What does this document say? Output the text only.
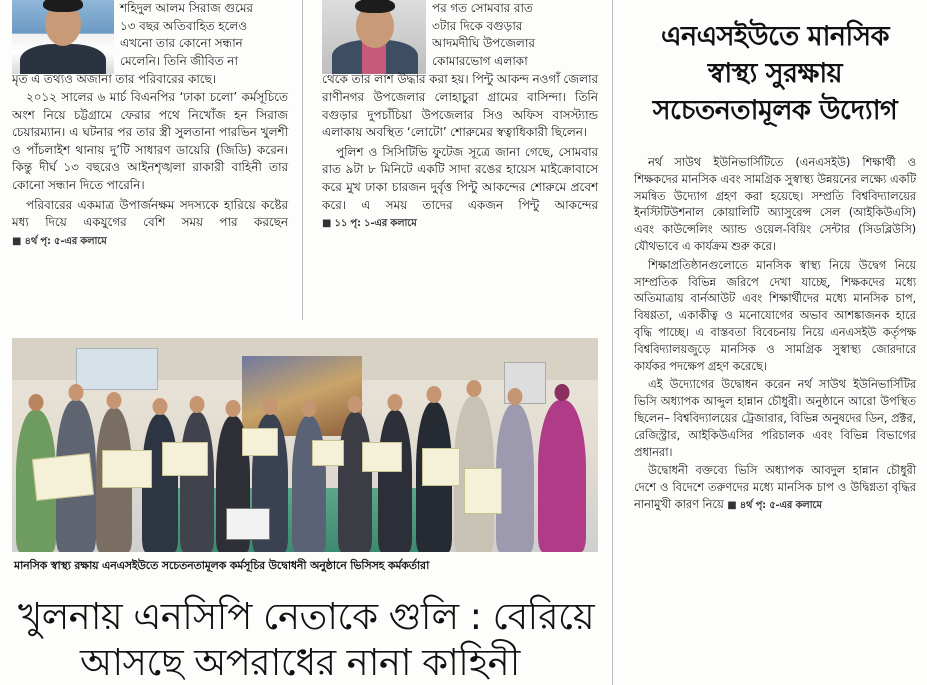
শহিদুল আলম সিরাজ গুমের
১৩ বছর অতিবাহিত হলেও
এখনো তার কোনো সন্ধান
মেলেনি। তিনি জীবিত না

মৃত এ তথ্যও অজানা তার পরিবারের কাছে।

২০১২ সালের ৬ মার্চ বিএনপির ‘ঢাকা চলো’ কর্মসূচিতে অংশ নিয়ে চট্টগ্রামে ফেরার পথে নিখোঁজ হন সিরাজ চেয়ারম্যান। এ ঘটনার পর তার স্ত্রী সুলতানা পারভিন খুলশী ও পাঁচলাইশ থানায় দু’টি সাধারণ ডায়েরি (জিডি) করেন। কিন্তু দীর্ঘ ১৩ বছরেও আইনশৃঙ্খলা রাকারী বাহিনী তার কোনো সন্ধান দিতে পারেনি।

পরিবারের একমাত্র উপার্জনক্ষম সদস্যকে হারিয়ে কষ্টের মধ্য দিয়ে একযুগের বেশি সময় পার করছেন ■ ৪র্থ পৃ: ৫-এর কলামে

পর গত সোমবার রাত
৩টার দিকে বগুড়ার
আদমদীঘি উপজেলার
কোমারভোগ এলাকা

থেকে তার লাশ উদ্ধার করা হয়। পিন্টু আকন্দ নওগাঁ জেলার রাণীনগর উপজেলার লোহাচুরা গ্রামের বাসিন্দা। তিনি বগুড়ার দুপচাঁচিয়া উপজেলার সিও অফিস বাসস্ট্যান্ড এলাকায় অবস্থিত ‘লোটো’ শোরুমের স্বত্বাধিকারী ছিলেন।

পুলিশ ও সিসিটিভি ফুটেজ সূত্রে জানা গেছে, সোমবার রাত ৯টা ৮ মিনিটে একটি সাদা রঙের হায়েস মাইক্রোবাসে করে মুখ ঢাকা চারজন দুর্বৃত্ত পিন্টু আকন্দের শোরুমে প্রবেশ করে। এ সময় তাদের একজন পিন্টু আকন্দের ■ ১১ পৃ: ১-এর কলামে

মানসিক স্বাস্থ্য রক্ষায় এনএসইউতে সচেতনতামূলক কর্মসূচির উদ্বোধনী অনুষ্ঠানে ভিসিসহ কর্মকর্তারা
খুলনায় এনসিপি নেতাকে গুলি : বেরিয়ে
আসছে অপরাধের নানা কাহিনী
এনএসইউতে মানসিক স্বাস্থ্য সুরক্ষায় সচেতনতামূলক উদ্যোগ

নর্থ সাউথ ইউনিভার্সিটিতে (এনএসইউ) শিক্ষার্থী ও শিক্ষকদের মানসিক এবং সামগ্রিক সুস্বাস্থ্য উন্নয়নের লক্ষ্যে একটি সমন্বিত উদ্যোগ গ্রহণ করা হয়েছে। সম্প্রতি বিশ্ববিদ্যালয়ের ইনস্টিটিউশনাল কোয়ালিটি অ্যাসুরেন্স সেল (আইকিউএসি) এবং কাউন্সেলিং অ্যান্ড ওয়েল-বিয়িং সেন্টার (সিডব্লিউসি) যৌথভাবে এ কার্যক্রম শুরু করে।

শিক্ষাপ্রতিষ্ঠানগুলোতে মানসিক স্বাস্থ্য নিয়ে উদ্বেগ নিয়ে সাম্প্রতিক বিভিন্ন জরিপে দেখা যাচ্ছে, শিক্ষকদের মধ্যে অতিমাত্রায় বার্নআউট এবং শিক্ষার্থীদের মধ্যে মানসিক চাপ, বিষণ্ণতা, একাকীত্ব ও মনোযোগের অভাব আশঙ্কাজনক হারে বৃদ্ধি পাচ্ছে। এ বাস্তবতা বিবেচনায় নিয়ে এনএসইউ কর্তৃপক্ষ বিশ্ববিদ্যালয়জুড়ে মানসিক ও সামগ্রিক সুস্বাস্থ্য জোরদারে কার্যকর পদক্ষেপ গ্রহণ করেছে।

এই উদ্যোগের উদ্বোধন করেন নর্থ সাউথ ইউনিভার্সিটির ভিসি অধ্যাপক আব্দুল হান্নান চৌধুরী। অনুষ্ঠানে আরো উপস্থিত ছিলেন– বিশ্ববিদ্যালয়ের ট্রেজারার, বিভিন্ন অনুষদের ডিন, প্রক্টর, রেজিস্ট্রার, আইকিউএসির পরিচালক এবং বিভিন্ন বিভাগের প্রধানরা।

উদ্বোধনী বক্তব্যে ভিসি অধ্যাপক আবদুল হান্নান চৌধুরী দেশে ও বিদেশে তরুণদের মধ্যে মানসিক চাপ ও উদ্বিগ্নতা বৃদ্ধির নানামুখী কারণ নিয়ে ■ ৪র্থ পৃ: ৫-এর কলামে
